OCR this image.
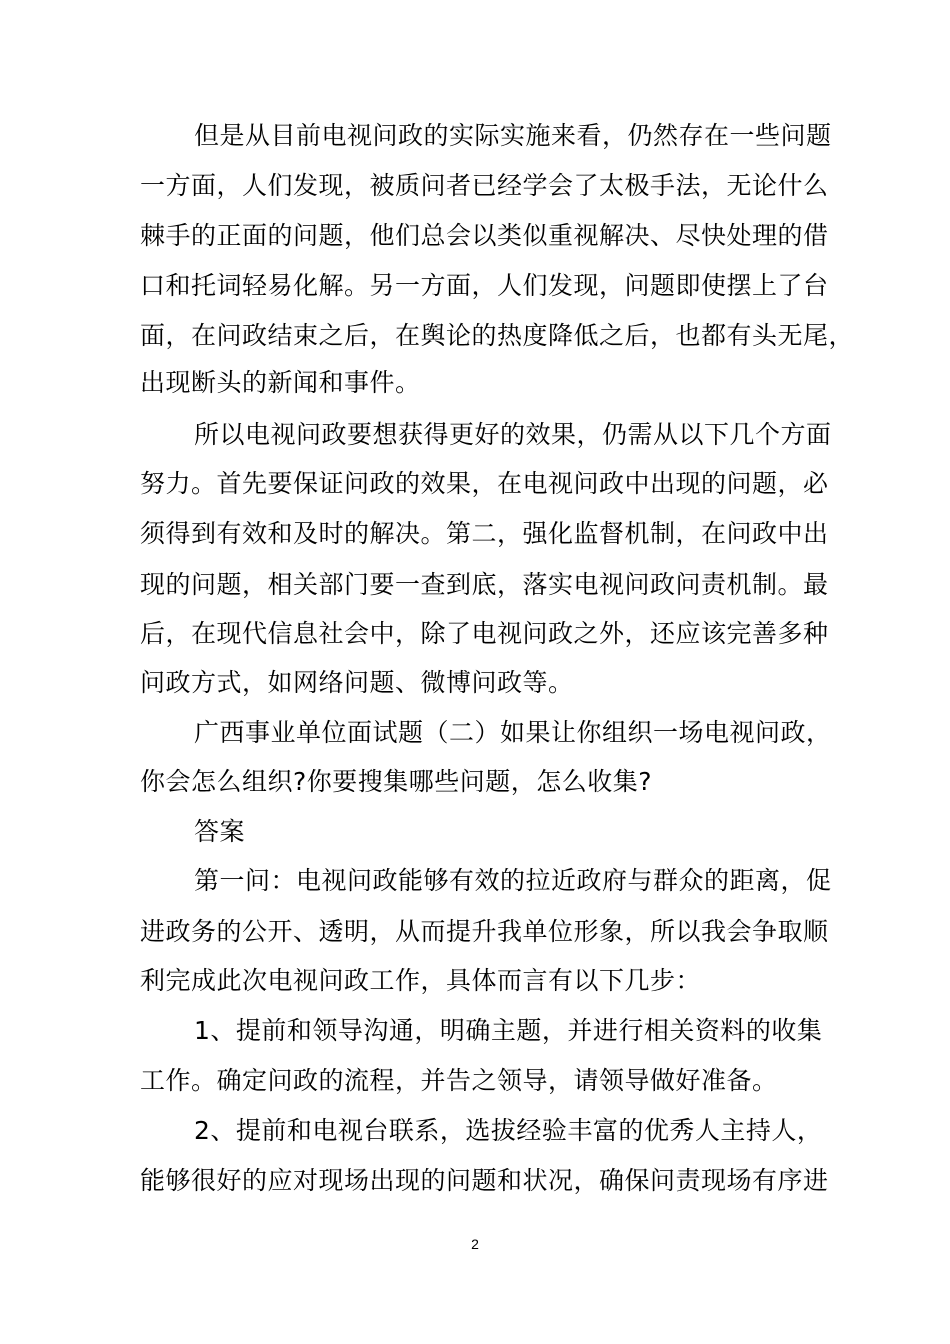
但是从目前电视问政的实际实施来看，仍然存在一些问题
一方面，人们发现，被质问者已经学会了太极手法，无论什么
棘手的正面的问题，他们总会以类似重视解决、尽快处理的借
口和托词轻易化解。另一方面，人们发现，问题即使摆上了台
面，在问政结束之后，在舆论的热度降低之后，也都有头无尾，
出现断头的新闻和事件。
所以电视问政要想获得更好的效果，仍需从以下几个方面
努力。首先要保证问政的效果，在电视问政中出现的问题，必
须得到有效和及时的解决。第二，强化监督机制，在问政中出
现的问题，相关部门要一查到底，落实电视问政问责机制。最
后，在现代信息社会中，除了电视问政之外，还应该完善多种
问政方式，如网络问题、微博问政等。
广西事业单位面试题（二）如果让你组织一场电视问政，
你会怎么组织?你要搜集哪些问题，怎么收集?
答案
第一问：电视问政能够有效的拉近政府与群众的距离，促
进政务的公开、透明，从而提升我单位形象，所以我会争取顺
利完成此次电视问政工作，具体而言有以下几步：
1、提前和领导沟通，明确主题，并进行相关资料的收集
工作。确定问政的流程，并告之领导，请领导做好准备。
2、提前和电视台联系，选拔经验丰富的优秀人主持人，
能够很好的应对现场出现的问题和状况，确保问责现场有序进
2
